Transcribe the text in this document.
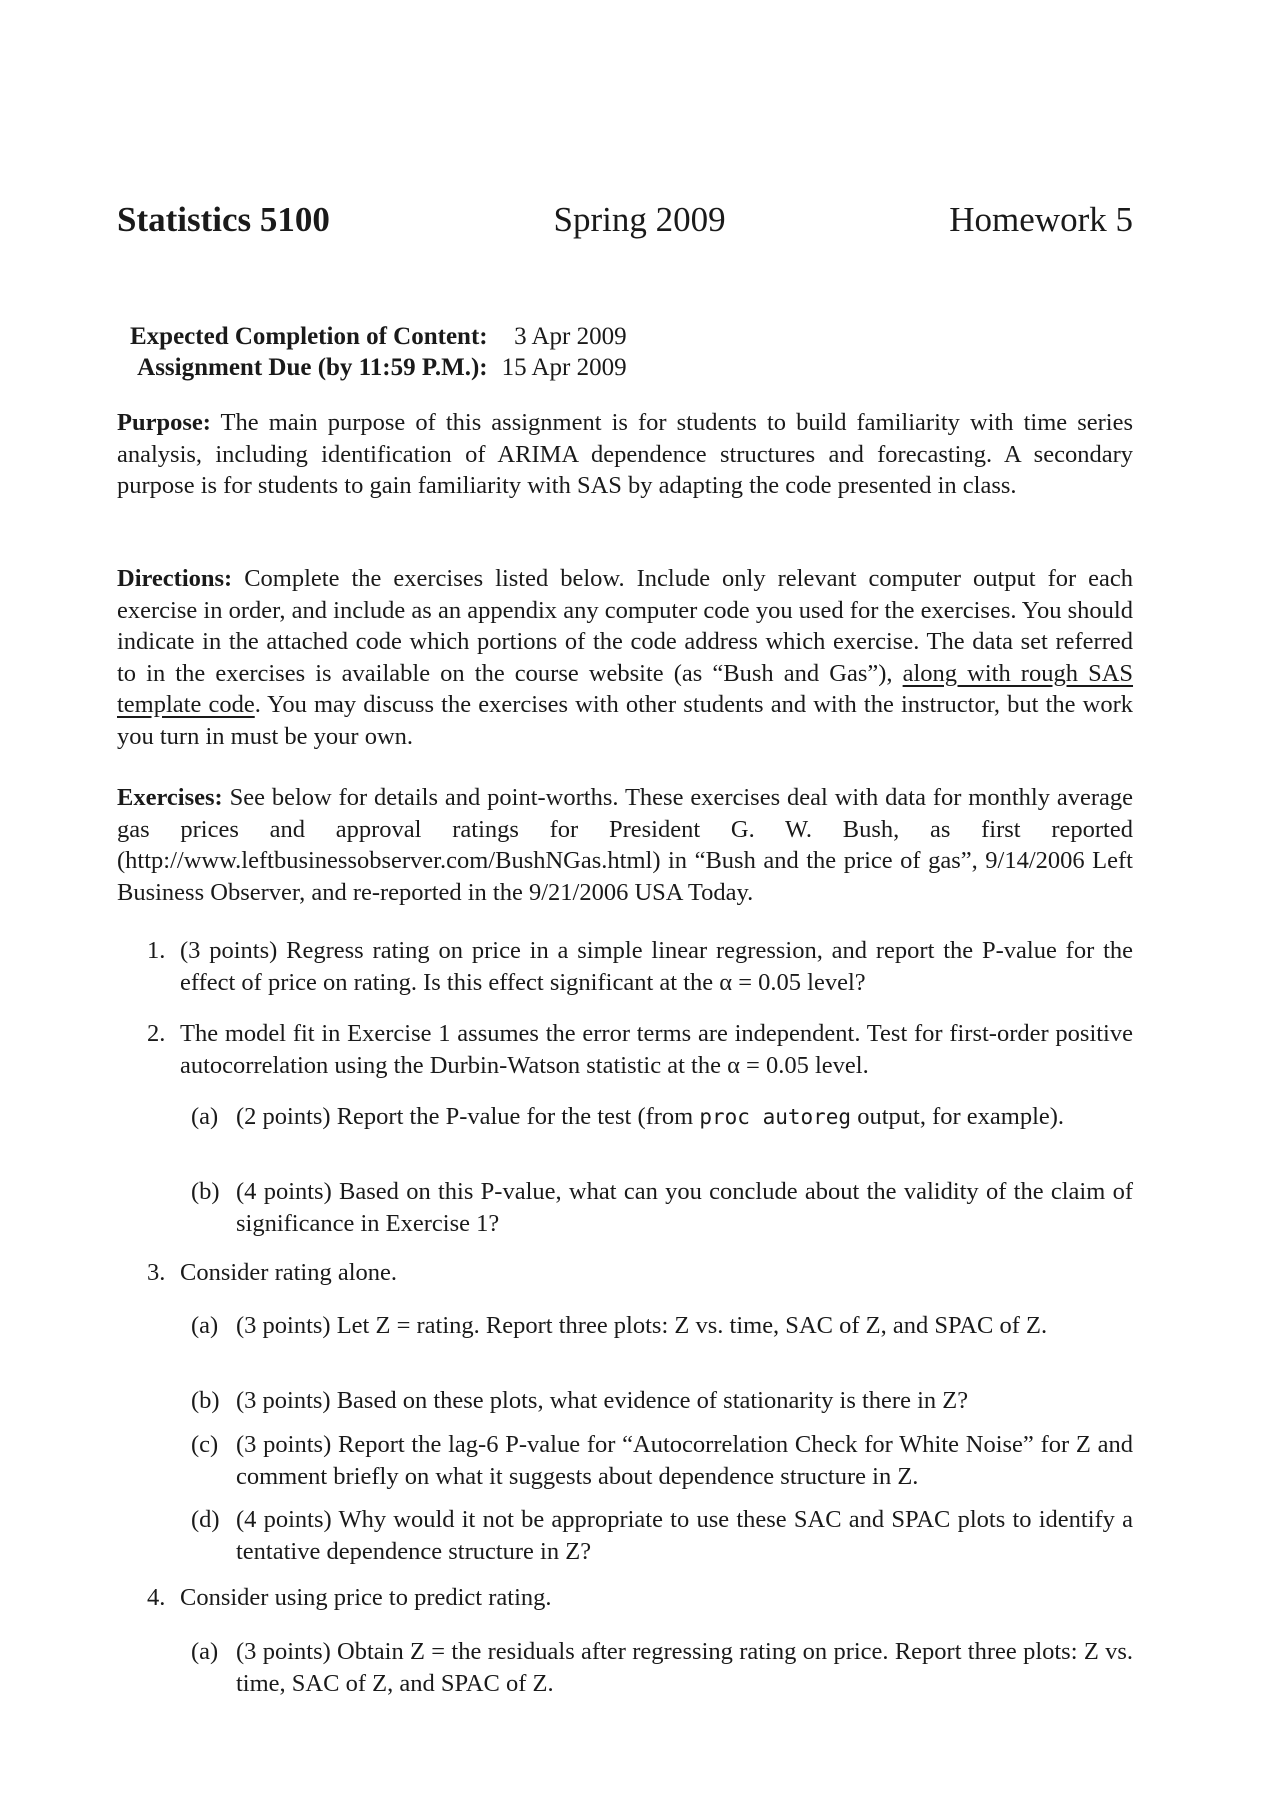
Statistics 5100	Spring 2009	Homework 5
Expected Completion of Content:	3 Apr 2009
Assignment Due (by 11:59 P.M.):	15 Apr 2009
Purpose: The main purpose of this assignment is for students to build familiarity with time series analysis, including identification of ARIMA dependence structures and forecasting. A secondary purpose is for students to gain familiarity with SAS by adapting the code presented in class.
Directions: Complete the exercises listed below. Include only relevant computer output for each exercise in order, and include as an appendix any computer code you used for the exercises. You should indicate in the attached code which portions of the code address which exercise. The data set referred to in the exercises is available on the course website (as “Bush and Gas”), along with rough SAS template code. You may discuss the exercises with other students and with the instructor, but the work you turn in must be your own.
Exercises: See below for details and point-worths. These exercises deal with data for monthly average gas prices and approval ratings for President G. W. Bush, as first reported (http://www.leftbusinessobserver.com/BushNGas.html) in “Bush and the price of gas”, 9/14/2006 Left Business Observer, and re-reported in the 9/21/2006 USA Today.
1. (3 points) Regress rating on price in a simple linear regression, and report the P-value for the effect of price on rating. Is this effect significant at the α = 0.05 level?
2. The model fit in Exercise 1 assumes the error terms are independent. Test for first-order positive autocorrelation using the Durbin-Watson statistic at the α = 0.05 level.
(a) (2 points) Report the P-value for the test (from proc autoreg output, for example).
(b) (4 points) Based on this P-value, what can you conclude about the validity of the claim of significance in Exercise 1?
3. Consider rating alone.
(a) (3 points) Let Z = rating. Report three plots: Z vs. time, SAC of Z, and SPAC of Z.
(b) (3 points) Based on these plots, what evidence of stationarity is there in Z?
(c) (3 points) Report the lag-6 P-value for “Autocorrelation Check for White Noise” for Z and comment briefly on what it suggests about dependence structure in Z.
(d) (4 points) Why would it not be appropriate to use these SAC and SPAC plots to identify a tentative dependence structure in Z?
4. Consider using price to predict rating.
(a) (3 points) Obtain Z = the residuals after regressing rating on price. Report three plots: Z vs. time, SAC of Z, and SPAC of Z.
